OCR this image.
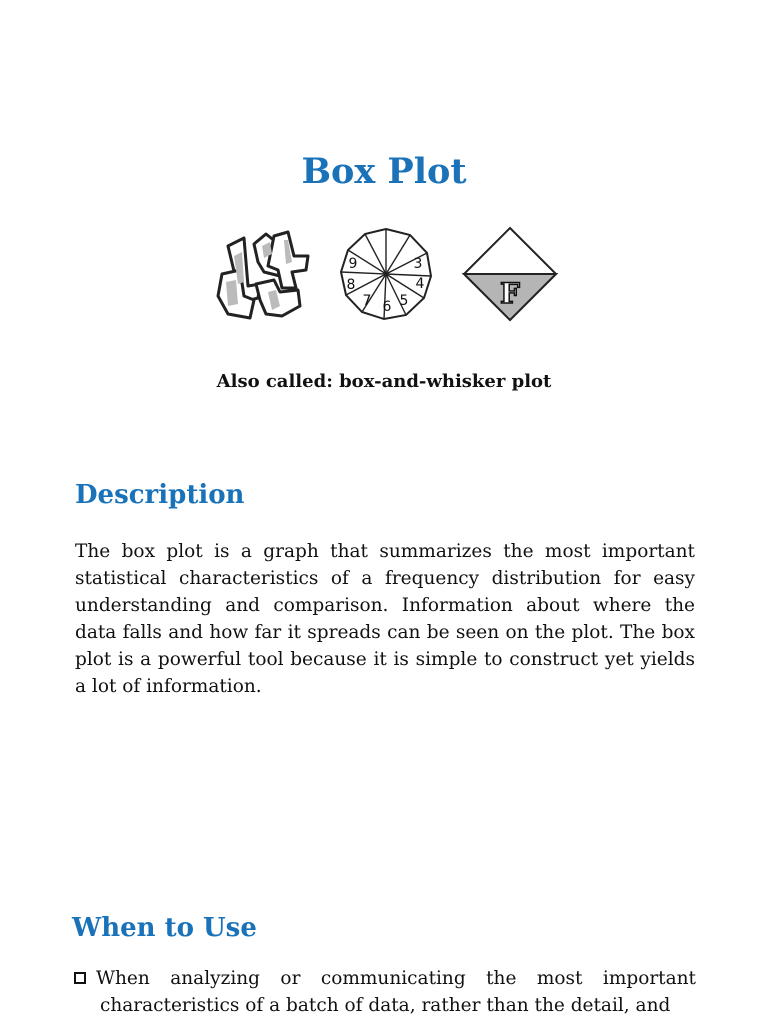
Box Plot
9	3
8	4
7 6 5	F

Also called: box-and-whisker plot

Description

The box plot is a graph that summarizes the most important statistical characteristics of a frequency distribution for easy understanding and comparison. Information about where the data falls and how far it spreads can be seen on the plot. The box plot is a powerful tool because it is simple to construct yet yields a lot of information.

When to Use
When analyzing or communicating the most important characteristics of a batch of data, rather than the detail, and
